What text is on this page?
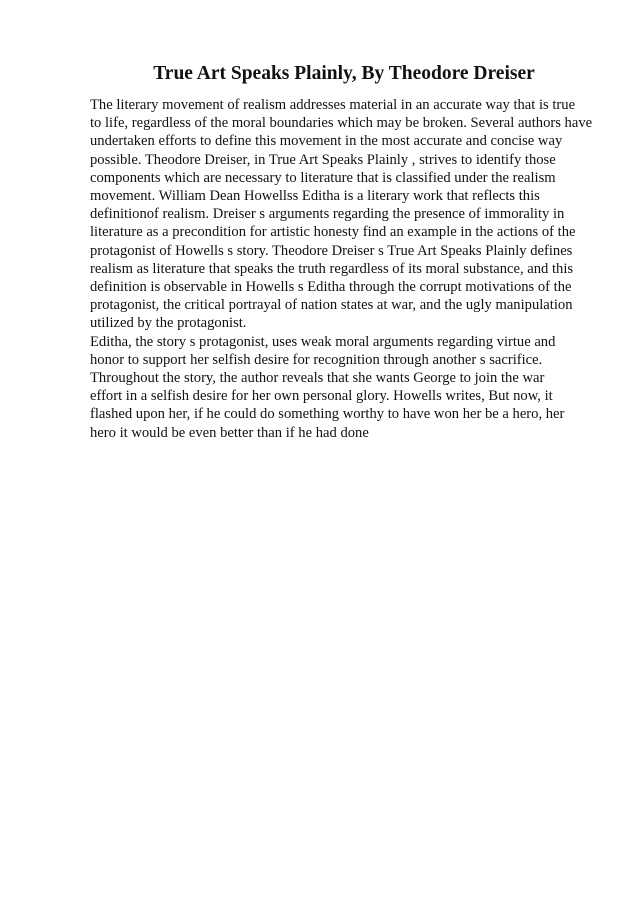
True Art Speaks Plainly, By Theodore Dreiser
The literary movement of realism addresses material in an accurate way that is true
to life, regardless of the moral boundaries which may be broken. Several authors have
undertaken efforts to define this movement in the most accurate and concise way
possible. Theodore Dreiser, in True Art Speaks Plainly , strives to identify those
components which are necessary to literature that is classified under the realism
movement. William Dean Howellss Editha is a literary work that reflects this
definitionof realism. Dreiser s arguments regarding the presence of immorality in
literature as a precondition for artistic honesty find an example in the actions of the
protagonist of Howells s story. Theodore Dreiser s True Art Speaks Plainly defines
realism as literature that speaks the truth regardless of its moral substance, and this
definition is observable in Howells s Editha through the corrupt motivations of the
protagonist, the critical portrayal of nation states at war, and the ugly manipulation
utilized by the protagonist.
Editha, the story s protagonist, uses weak moral arguments regarding virtue and
honor to support her selfish desire for recognition through another s sacrifice.
Throughout the story, the author reveals that she wants George to join the war
effort in a selfish desire for her own personal glory. Howells writes, But now, it
flashed upon her, if he could do something worthy to have won her be a hero, her
hero it would be even better than if he had done
